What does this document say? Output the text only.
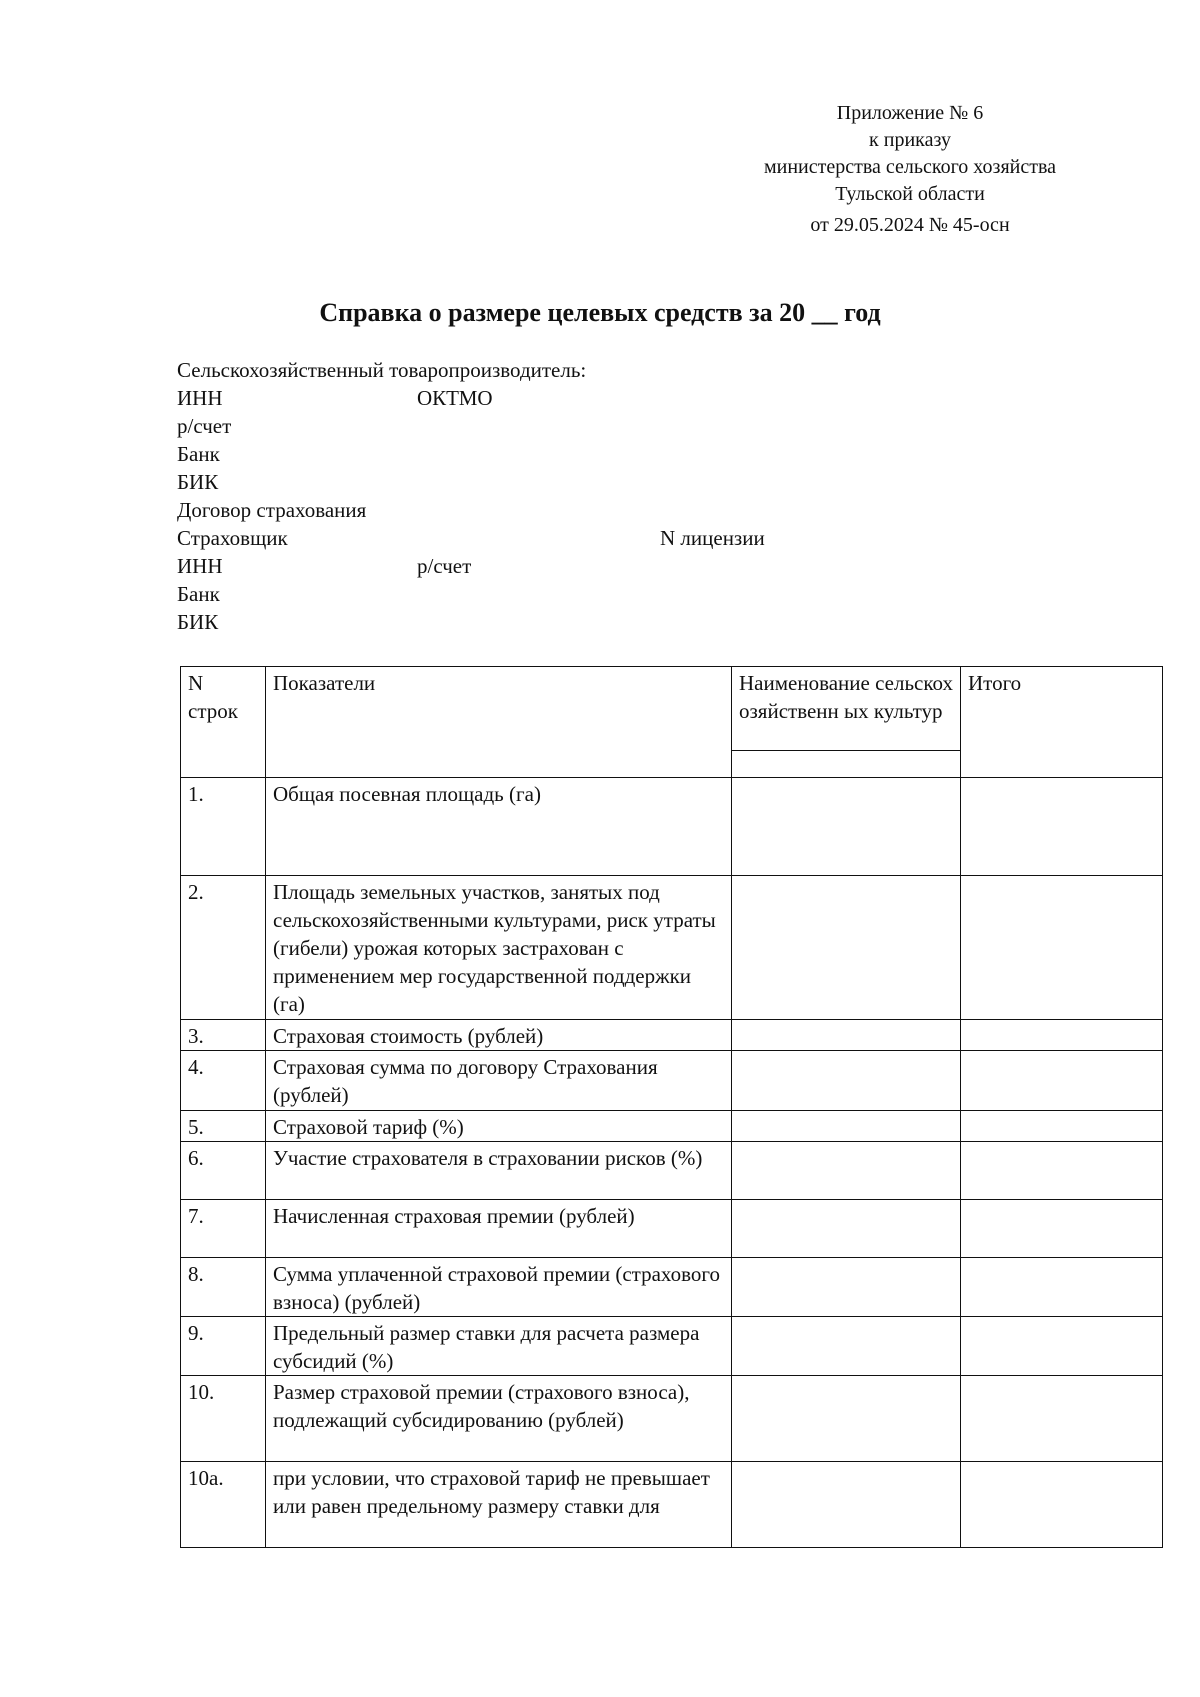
Приложение № 6
к приказу
министерства сельского хозяйства
Тульской области
от 29.05.2024 № 45-осн
Справка о размере целевых средств за 20 __ год
Сельскохозяйственный товаропроизводитель:
ИНН	ОКТМО
р/счет
Банк
БИК
Договор страхования
Страховщик	N лицензии
ИНН	р/счет
Банк
БИК
N строк	Показатели	Наименование сельскохозяйственн ых культур	Итого

1.	Общая посевная площадь (га)		
2.	Площадь земельных участков, занятых под сельскохозяйственными культурами, риск утраты (гибели) урожая которых застрахован с применением мер государственной поддержки (га)		
3.	Страховая стоимость (рублей)		
4.	Страховая сумма по договору Страхования (рублей)		
5.	Страховой тариф (%)		
6.	Участие страхователя в страховании рисков (%)		
7.	Начисленная страховая премии (рублей)		
8.	Сумма уплаченной страховой премии (страхового взноса) (рублей)		
9.	Предельный размер ставки для расчета размера субсидий (%)		
10.	Размер страховой премии (страхового взноса), подлежащий субсидированию (рублей)		
10а.	при условии, что страховой тариф не превышает или равен предельному размеру ставки для		
